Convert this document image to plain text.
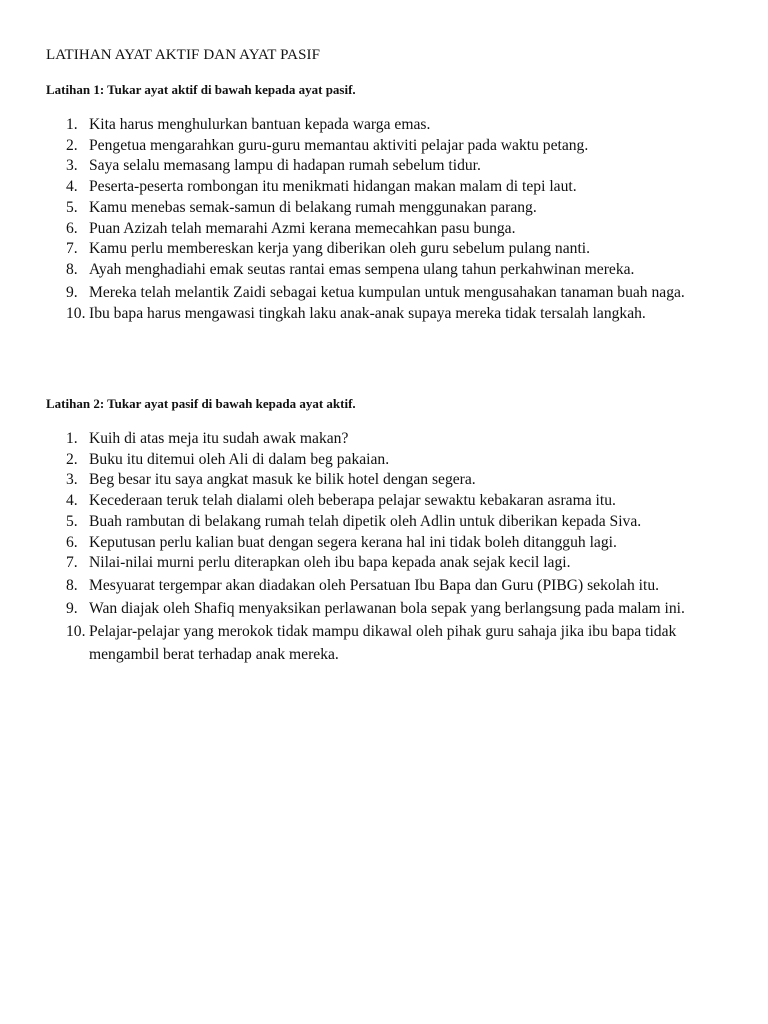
LATIHAN AYAT AKTIF DAN AYAT PASIF
Latihan 1: Tukar ayat aktif di bawah kepada ayat pasif.
1. Kita harus menghulurkan bantuan kepada warga emas.
2. Pengetua mengarahkan guru-guru memantau aktiviti pelajar pada waktu petang.
3. Saya selalu memasang lampu di hadapan rumah sebelum tidur.
4. Peserta-peserta rombongan itu menikmati hidangan makan malam di tepi laut.
5. Kamu menebas semak-samun di belakang rumah menggunakan parang.
6. Puan Azizah telah memarahi Azmi kerana memecahkan pasu bunga.
7. Kamu perlu membereskan kerja yang diberikan oleh guru sebelum pulang nanti.
8. Ayah menghadiahi emak seutas rantai emas sempena ulang tahun perkahwinan mereka.
9. Mereka telah melantik Zaidi sebagai ketua kumpulan untuk mengusahakan tanaman buah naga.
10. Ibu bapa harus mengawasi tingkah laku anak-anak supaya mereka tidak tersalah langkah.
Latihan 2: Tukar ayat pasif di bawah kepada ayat aktif.
1. Kuih di atas meja itu sudah awak makan?
2. Buku itu ditemui oleh Ali di dalam beg pakaian.
3. Beg besar itu saya angkat masuk ke bilik hotel dengan segera.
4. Kecederaan teruk telah dialami oleh beberapa pelajar sewaktu kebakaran asrama itu.
5. Buah rambutan di belakang rumah telah dipetik oleh Adlin untuk diberikan kepada Siva.
6. Keputusan perlu kalian buat dengan segera kerana hal ini tidak boleh ditangguh lagi.
7. Nilai-nilai murni perlu diterapkan oleh ibu bapa kepada anak sejak kecil lagi.
8. Mesyuarat tergempar akan diadakan oleh Persatuan Ibu Bapa dan Guru (PIBG) sekolah itu.
9. Wan diajak oleh Shafiq menyaksikan perlawanan bola sepak yang berlangsung pada malam ini.
10. Pelajar-pelajar yang merokok tidak mampu dikawal oleh pihak guru sahaja jika ibu bapa tidak mengambil berat terhadap anak mereka.
